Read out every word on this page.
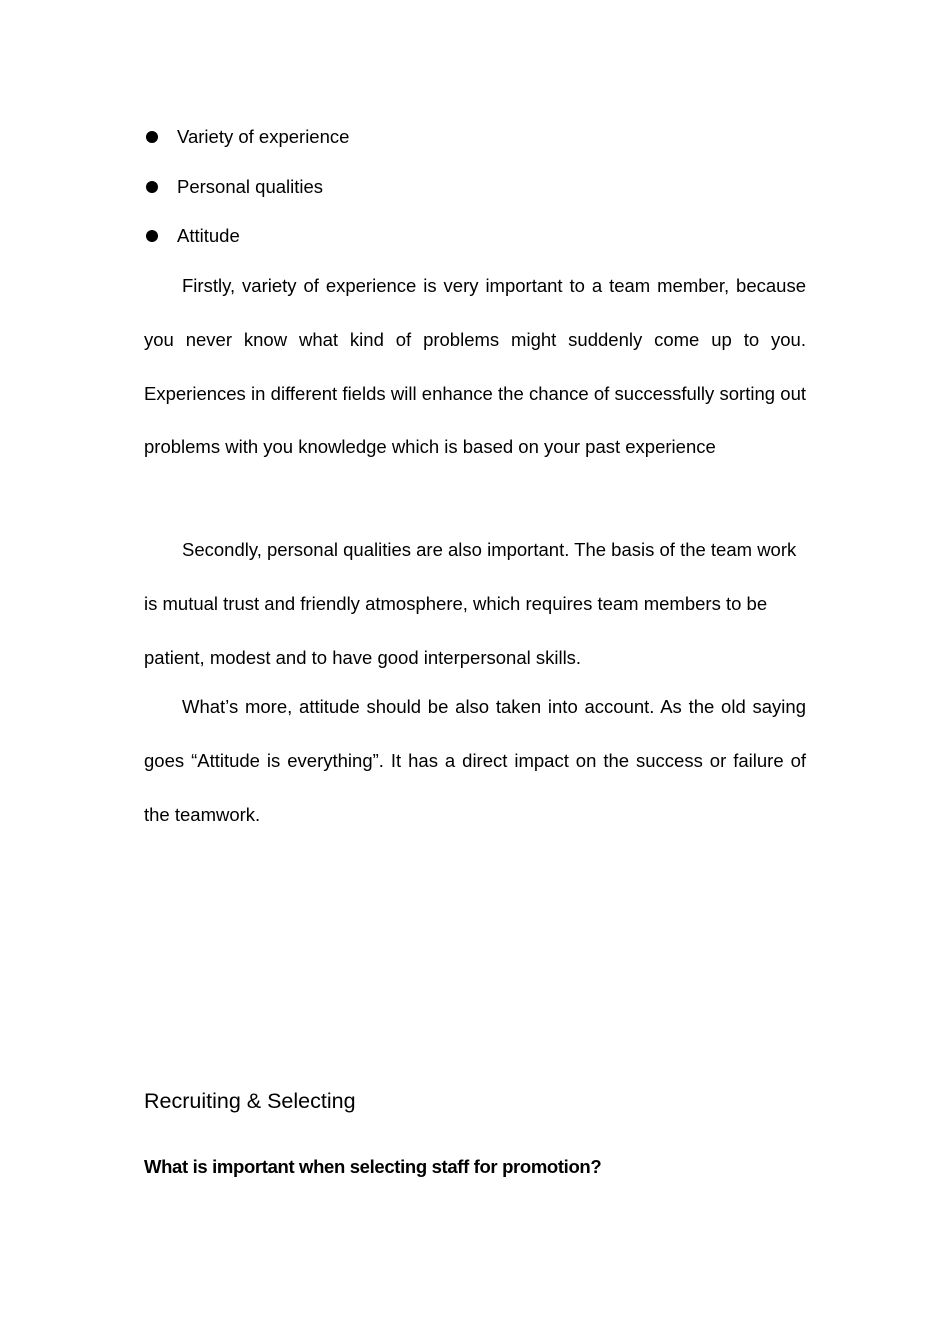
Variety of experience
Personal qualities
Attitude

Firstly, variety of experience is very important to a team member, because you never know what kind of problems might suddenly come up to you. Experiences in different fields will enhance the chance of successfully sorting out problems with you knowledge which is based on your past experience

Secondly, personal qualities are also important. The basis of the team work is mutual trust and friendly atmosphere, which requires team members to be patient, modest and to have good interpersonal skills.

What’s more, attitude should be also taken into account. As the old saying goes “Attitude is everything”. It has a direct impact on the success or failure of the teamwork.

Recruiting & Selecting
What is important when selecting staff for promotion?
